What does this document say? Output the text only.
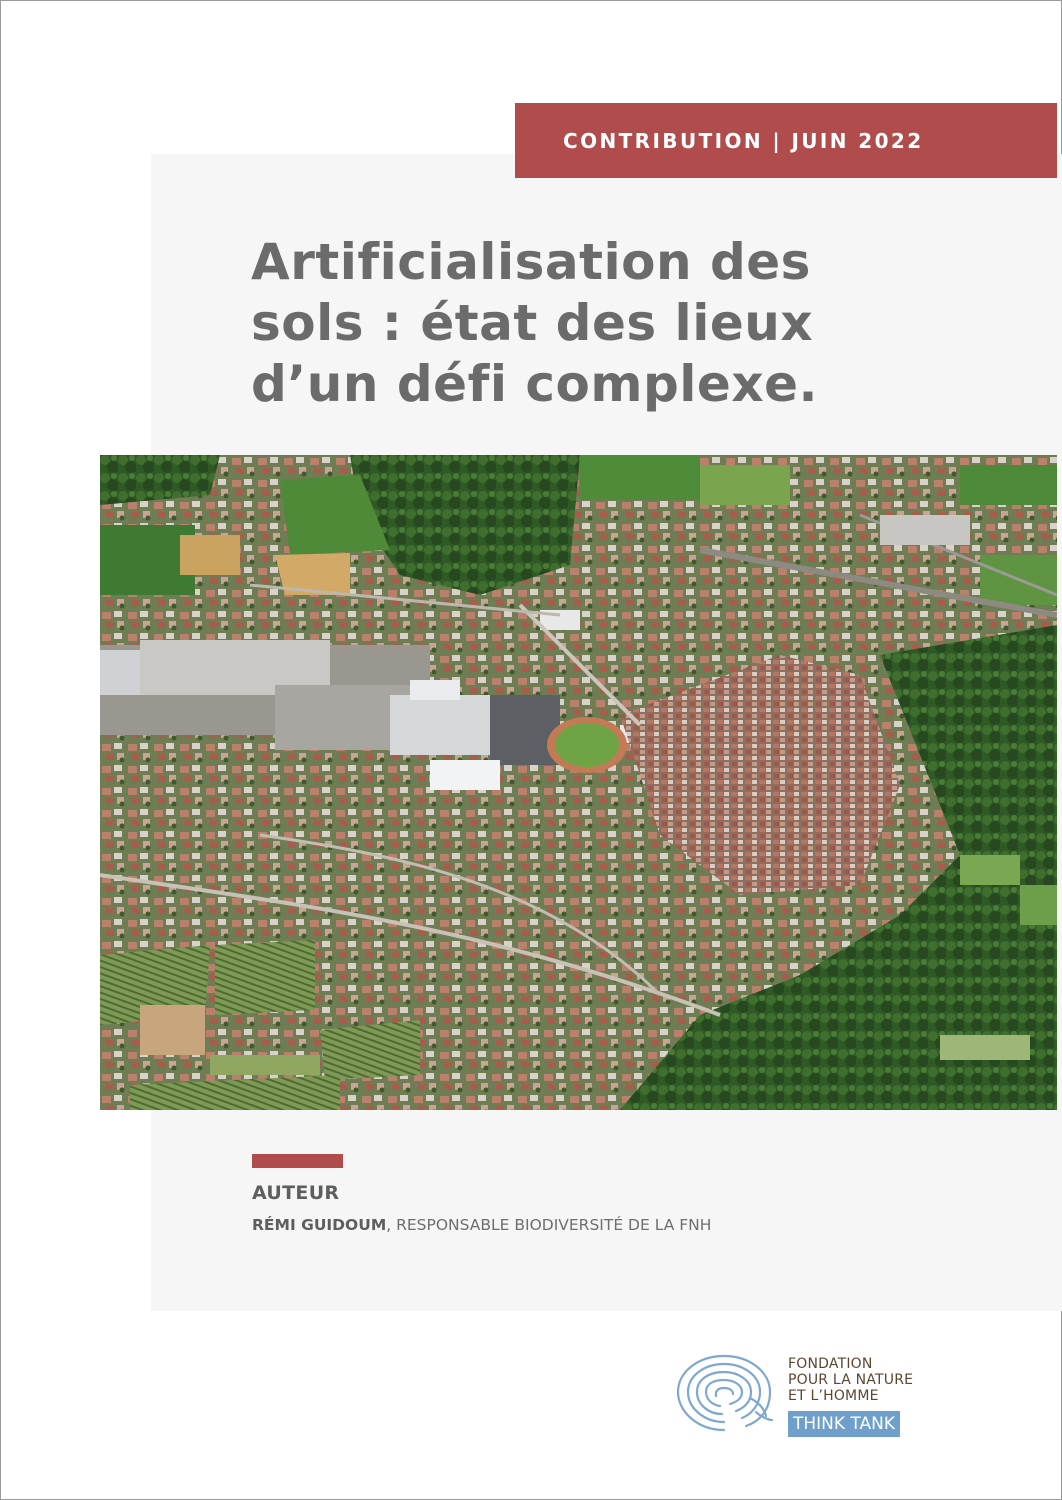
CONTRIBUTION | JUIN 2022
Artificialisation des
sols : état des lieux
d’un défi complexe.
AUTEUR
RÉMI GUIDOUM, RESPONSABLE BIODIVERSITÉ DE LA FNH
FONDATION
POUR LA NATURE
ET L’HOMME
THINK TANK
